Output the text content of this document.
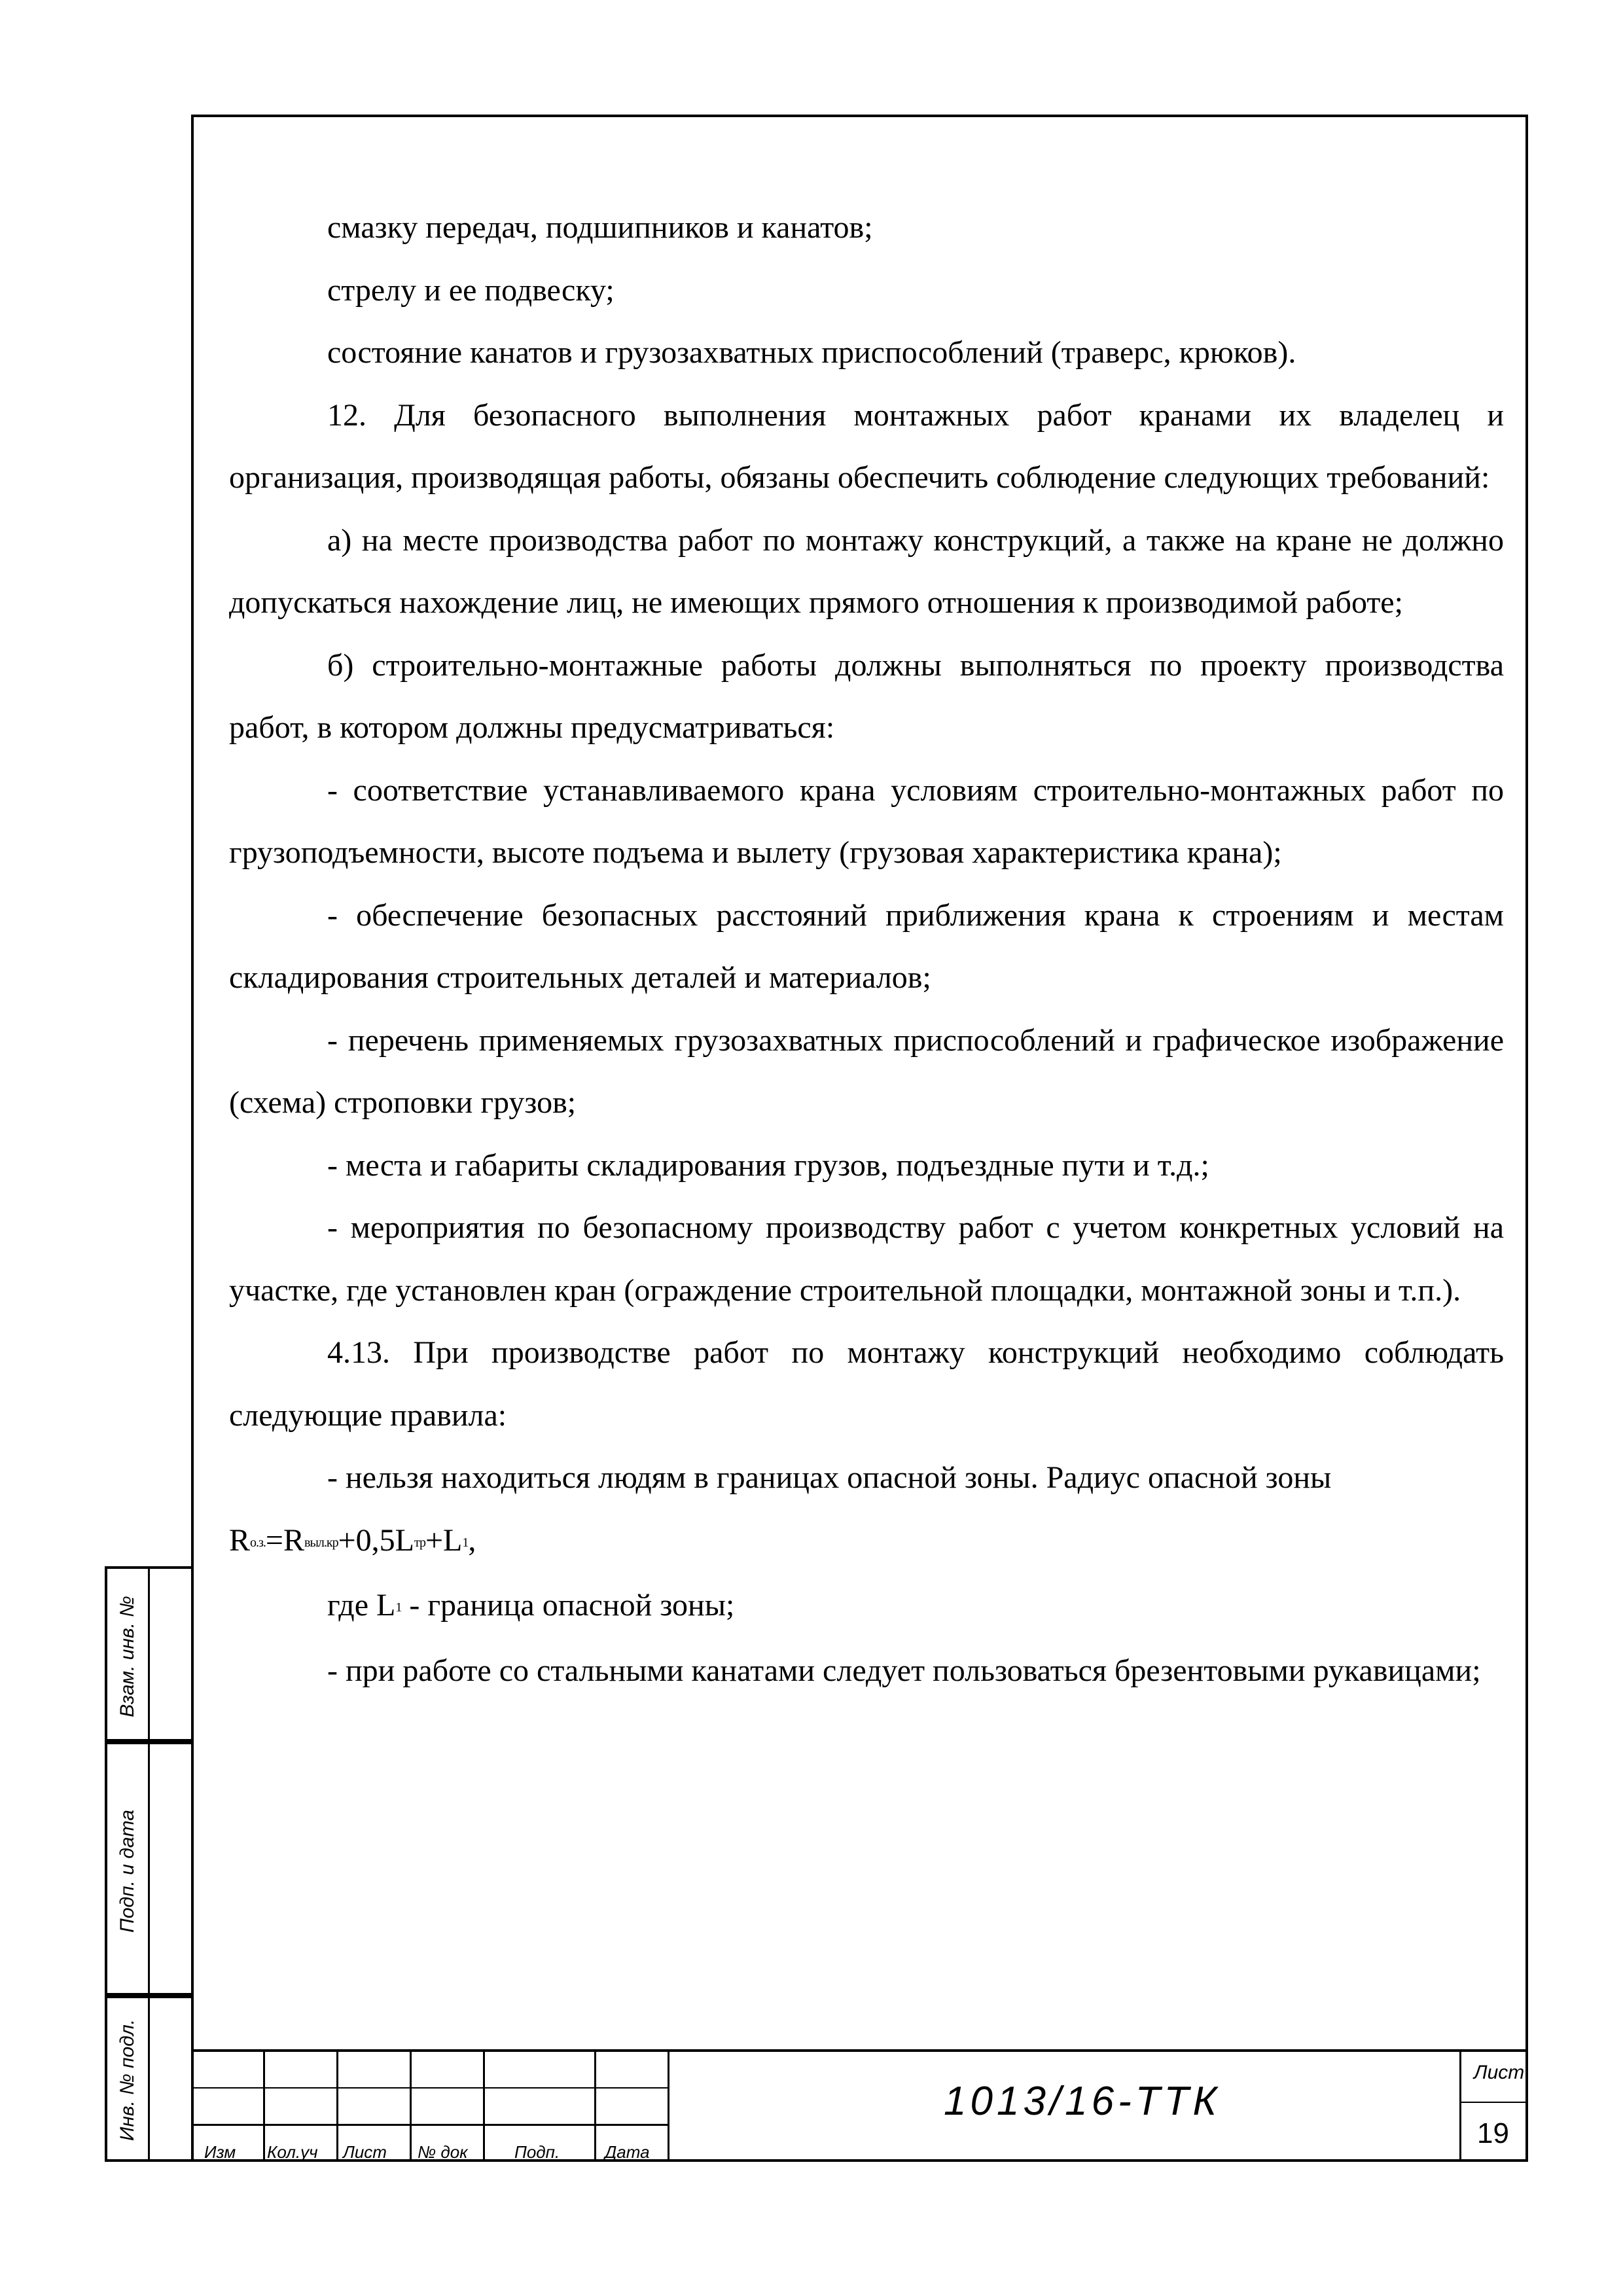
Взам. инв. №
Подп. и дата
Инв. № подл.

смазку передач, подшипников и канатов;

стрелу и ее подвеску;

состояние канатов и грузозахватных приспособлений (траверс, крюков).

12. Для безопасного выполнения монтажных работ кранами их владелец и организация, производящая работы, обязаны обеспечить соблюдение следующих требований:

а) на месте производства работ по монтажу конструкций, а также на кране не должно допускаться нахождение лиц, не имеющих прямого отношения к производимой работе;

б) строительно-монтажные работы должны выполняться по проекту производства работ, в котором должны предусматриваться:

- соответствие устанавливаемого крана условиям строительно-монтажных работ по грузоподъемности, высоте подъема и вылету (грузовая характеристика крана);

- обеспечение безопасных расстояний приближения крана к строениям и местам складирования строительных деталей и материалов;

- перечень применяемых грузозахватных приспособлений и графическое изображение (схема) строповки грузов;

- места и габариты складирования грузов, подъездные пути и т.д.;

- мероприятия по безопасному производству работ с учетом конкретных условий на участке, где установлен кран (ограждение строительной площадки, монтажной зоны и т.п.).

4.13. При производстве работ по монтажу конструкций необходимо соблюдать следующие правила:

- нельзя находиться людям в границах опасной зоны. Радиус опасной зоны

$R^{о.з.}=R^{выл.кр}+0,5L^{тр}+L^1$,

где $L^1$ - граница опасной зоны;

- при работе со стальными канатами следует пользоваться брезентовыми рукавицами;

Изм Кол.уч Лист № док	Подп.	Дата
1013/16-ТТК
Лист
19
